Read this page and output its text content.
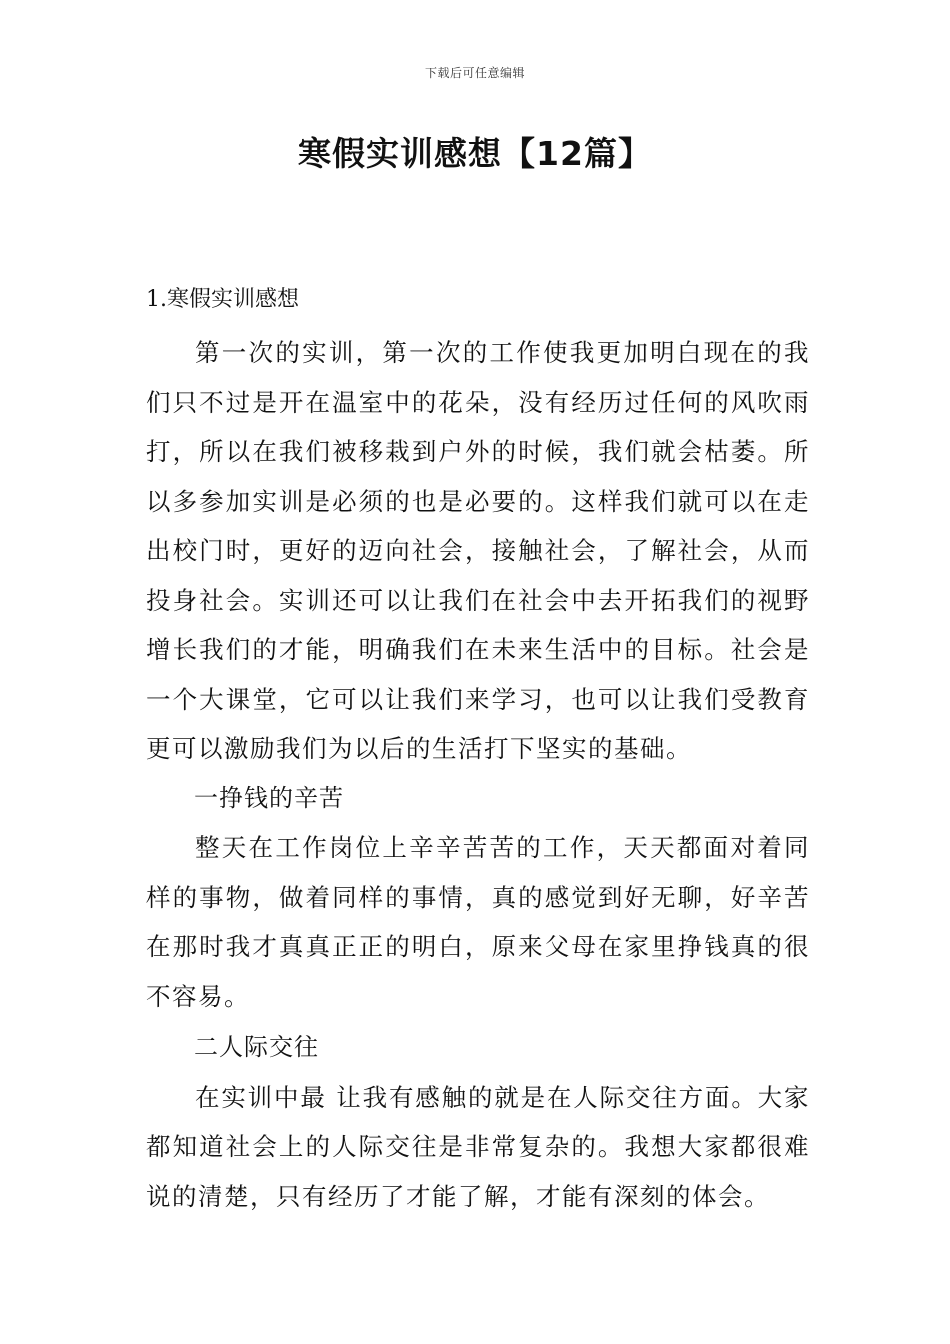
下载后可任意编辑
寒假实训感想【12篇】

1.寒假实训感想

第一次的实训，第一次的工作使我更加明白现在的我们只不过是开在温室中的花朵，没有经历过任何的风吹雨打，所以在我们被移栽到户外的时候，我们就会枯萎。所以多参加实训是必须的也是必要的。这样我们就可以在走出校门时，更好的迈向社会，接触社会，了解社会，从而投身社会。实训还可以让我们在社会中去开拓我们的视野增长我们的才能，明确我们在未来生活中的目标。社会是一个大课堂，它可以让我们来学习，也可以让我们受教育更可以激励我们为以后的生活打下坚实的基础。

一挣钱的辛苦

整天在工作岗位上辛辛苦苦的工作，天天都面对着同样的事物，做着同样的事情，真的感觉到好无聊，好辛苦在那时我才真真正正的明白，原来父母在家里挣钱真的很不容易。

二人际交往

在实训中最 让我有感触的就是在人际交往方面。大家都知道社会上的人际交往是非常复杂的。我想大家都很难说的清楚，只有经历了才能了解，才能有深刻的体会。
